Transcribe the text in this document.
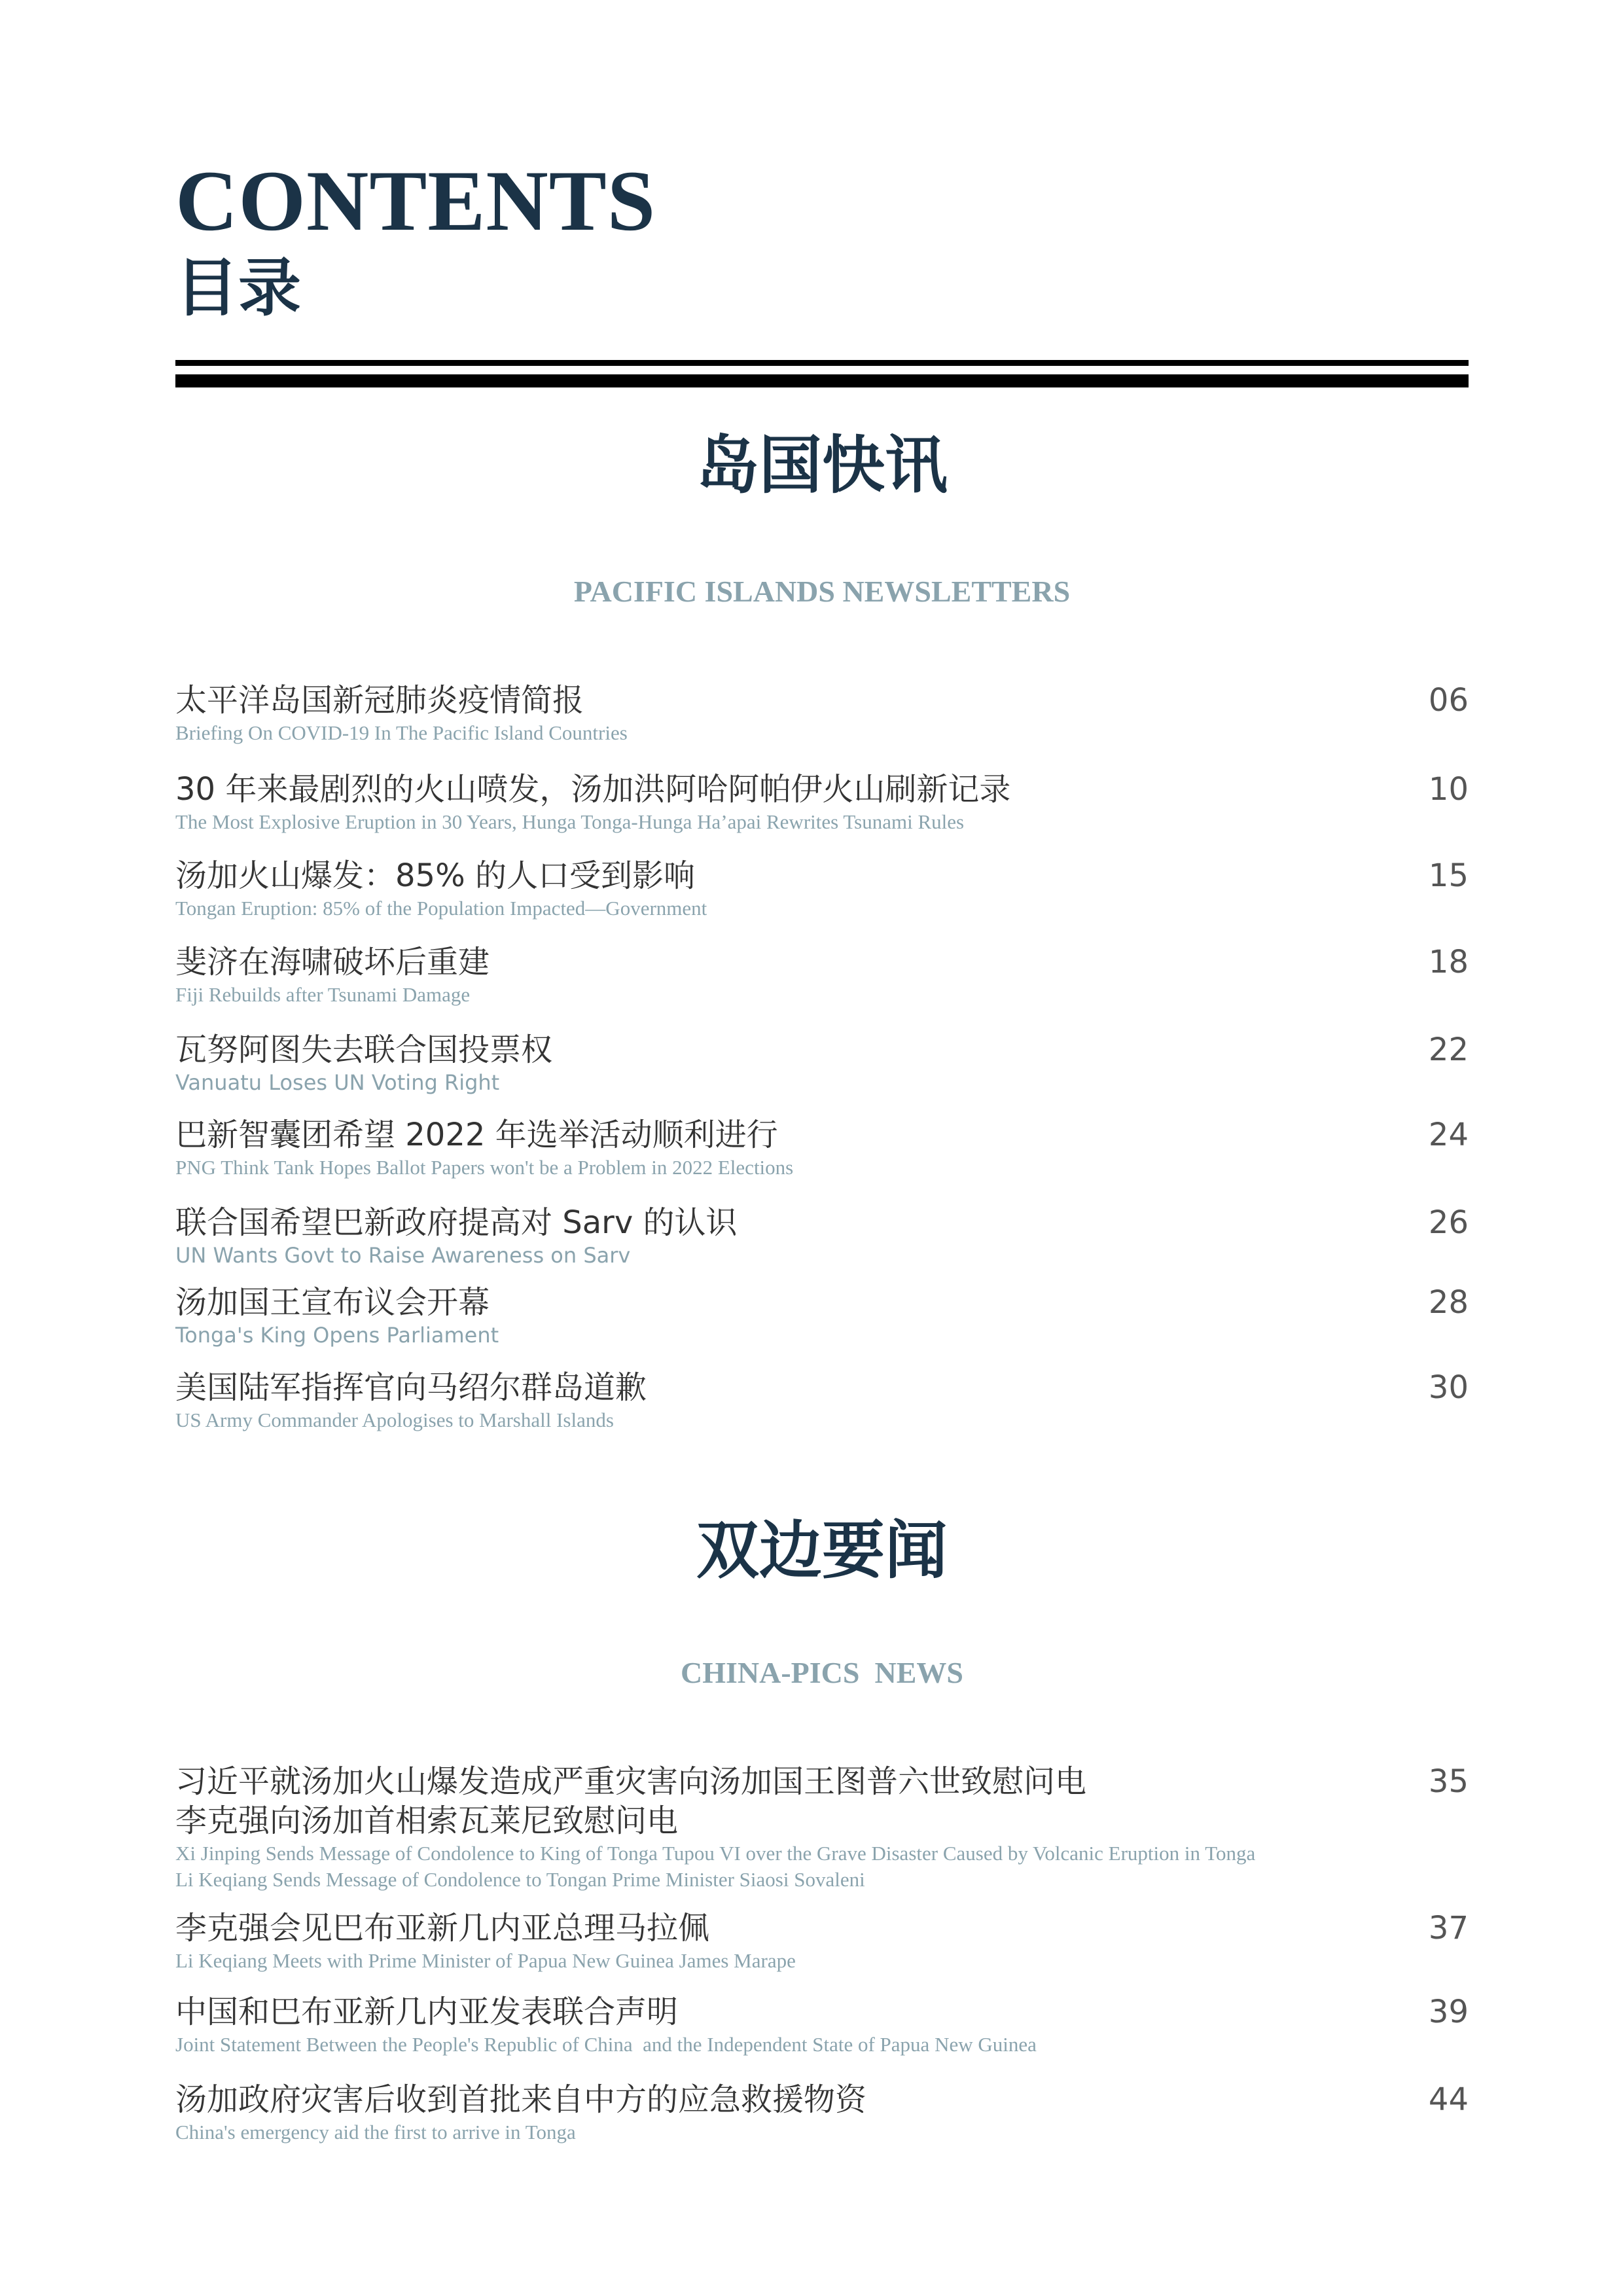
CONTENTS
目录
岛国快讯
PACIFIC ISLANDS NEWSLETTERS
太平洋岛国新冠肺炎疫情简报
Briefing On COVID-19 In The Pacific Island Countries
06
30 年来最剧烈的火山喷发，汤加洪阿哈阿帕伊火山刷新记录
The Most Explosive Eruption in 30 Years, Hunga Tonga-Hunga Ha’apai Rewrites Tsunami Rules
10
汤加火山爆发：85% 的人口受到影响
Tongan Eruption: 85% of the Population Impacted—Government
15
斐济在海啸破坏后重建
Fiji Rebuilds after Tsunami Damage
18
瓦努阿图失去联合国投票权
Vanuatu Loses UN Voting Right
22
巴新智囊团希望 2022 年选举活动顺利进行
PNG Think Tank Hopes Ballot Papers won't be a Problem in 2022 Elections
24
联合国希望巴新政府提高对 Sarv 的认识
UN Wants Govt to Raise Awareness on Sarv
26
汤加国王宣布议会开幕
Tonga's King Opens Parliament
28
美国陆军指挥官向马绍尔群岛道歉
US Army Commander Apologises to Marshall Islands
30
双边要闻
CHINA-PICS  NEWS
习近平就汤加火山爆发造成严重灾害向汤加国王图普六世致慰问电
李克强向汤加首相索瓦莱尼致慰问电
Xi Jinping Sends Message of Condolence to King of Tonga Tupou VI over the Grave Disaster Caused by Volcanic Eruption in Tonga
Li Keqiang Sends Message of Condolence to Tongan Prime Minister Siaosi Sovaleni
35
李克强会见巴布亚新几内亚总理马拉佩
Li Keqiang Meets with Prime Minister of Papua New Guinea James Marape
37
中国和巴布亚新几内亚发表联合声明
Joint Statement Between the People's Republic of China  and the Independent State of Papua New Guinea
39
汤加政府灾害后收到首批来自中方的应急救援物资
China's emergency aid the first to arrive in Tonga
44
